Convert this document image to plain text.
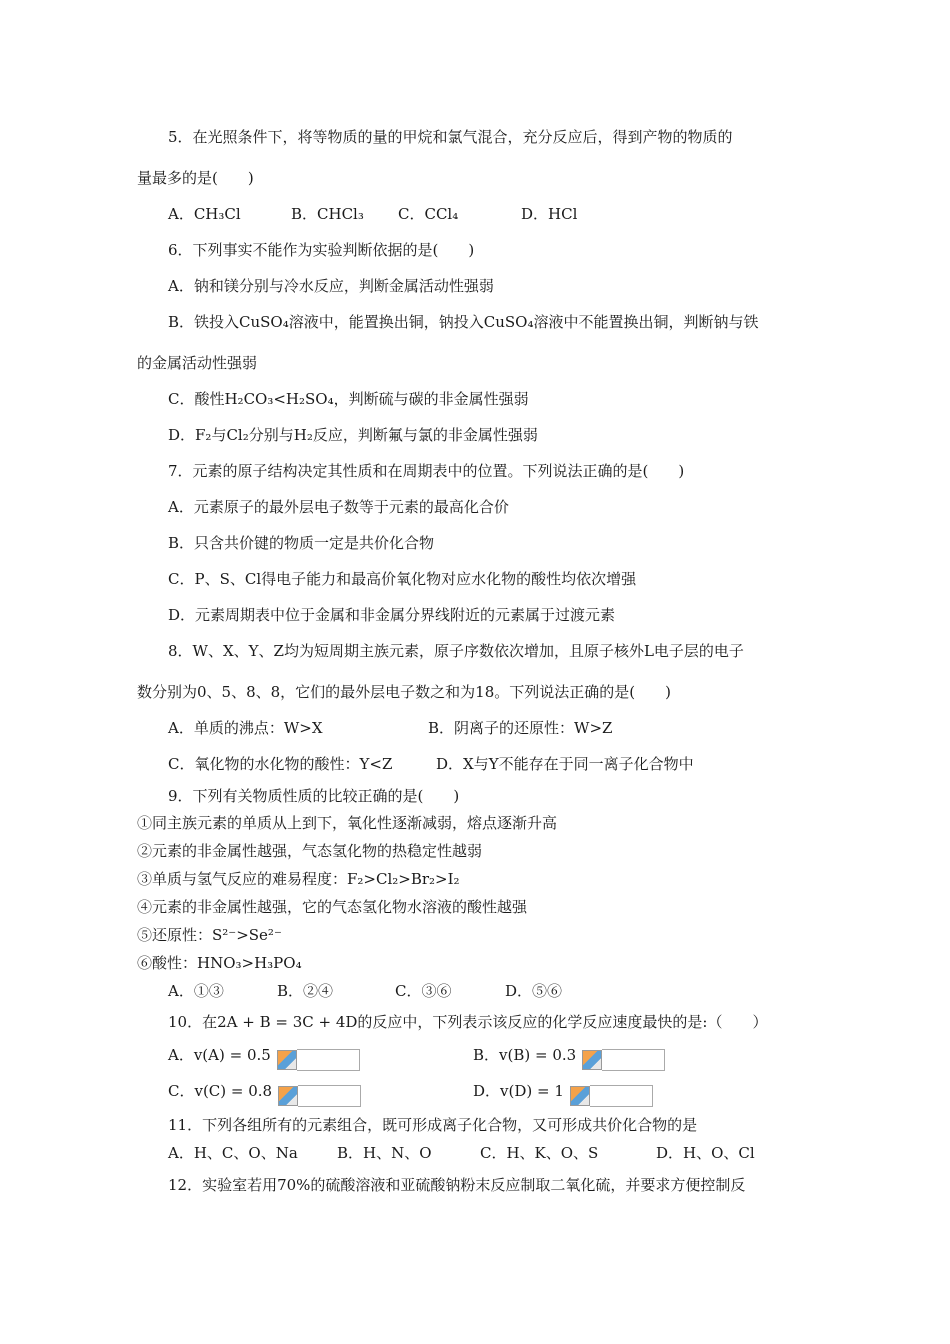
5．在光照条件下，将等物质的量的甲烷和氯气混合，充分反应后，得到产物的物质的
量最多的是(　　)
A．CH₃Cl	B．CHCl₃ C．CCl₄	D．HCl
6．下列事实不能作为实验判断依据的是(　　)
A．钠和镁分别与冷水反应，判断金属活动性强弱
B．铁投入CuSO₄溶液中，能置换出铜，钠投入CuSO₄溶液中不能置换出铜，判断钠与铁
的金属活动性强弱
C．酸性H₂CO₃<H₂SO₄，判断硫与碳的非金属性强弱
D．F₂与Cl₂分别与H₂反应，判断氟与氯的非金属性强弱
7．元素的原子结构决定其性质和在周期表中的位置。下列说法正确的是(　　)
A．元素原子的最外层电子数等于元素的最高化合价
B．只含共价键的物质一定是共价化合物
C．P、S、Cl得电子能力和最高价氧化物对应水化物的酸性均依次增强
D．元素周期表中位于金属和非金属分界线附近的元素属于过渡元素
8．W、X、Y、Z均为短周期主族元素，原子序数依次增加，且原子核外L电子层的电子
数分别为0、5、8、8，它们的最外层电子数之和为18。下列说法正确的是(　　)
A．单质的沸点：W>X	B．阴离子的还原性：W>Z
C．氧化物的水化物的酸性：Y<Z	D．X与Y不能存在于同一离子化合物中
9．下列有关物质性质的比较正确的是(　　)
①同主族元素的单质从上到下，氧化性逐渐减弱，熔点逐渐升高
②元素的非金属性越强，气态氢化物的热稳定性越弱
③单质与氢气反应的难易程度：F₂>Cl₂>Br₂>I₂
④元素的非金属性越强，它的气态氢化物水溶液的酸性越强
⑤还原性：S²⁻>Se²⁻
⑥酸性：HNO₃>H₃PO₄
A．①③	B．②④	C．③⑥	D．⑤⑥
10．在2A + B = 3C + 4D的反应中，下列表示该反应的化学反应速度最快的是:（　　）
A．v(A) = 0.5	B．v(B) = 0.3
C．v(C) = 0.8	D．v(D) = 1
11．下列各组所有的元素组合，既可形成离子化合物，又可形成共价化合物的是
A．H、C、O、Na	B．H、N、O	C．H、K、O、S	D．H、O、Cl
12．实验室若用70%的硫酸溶液和亚硫酸钠粉末反应制取二氧化硫，并要求方便控制反
